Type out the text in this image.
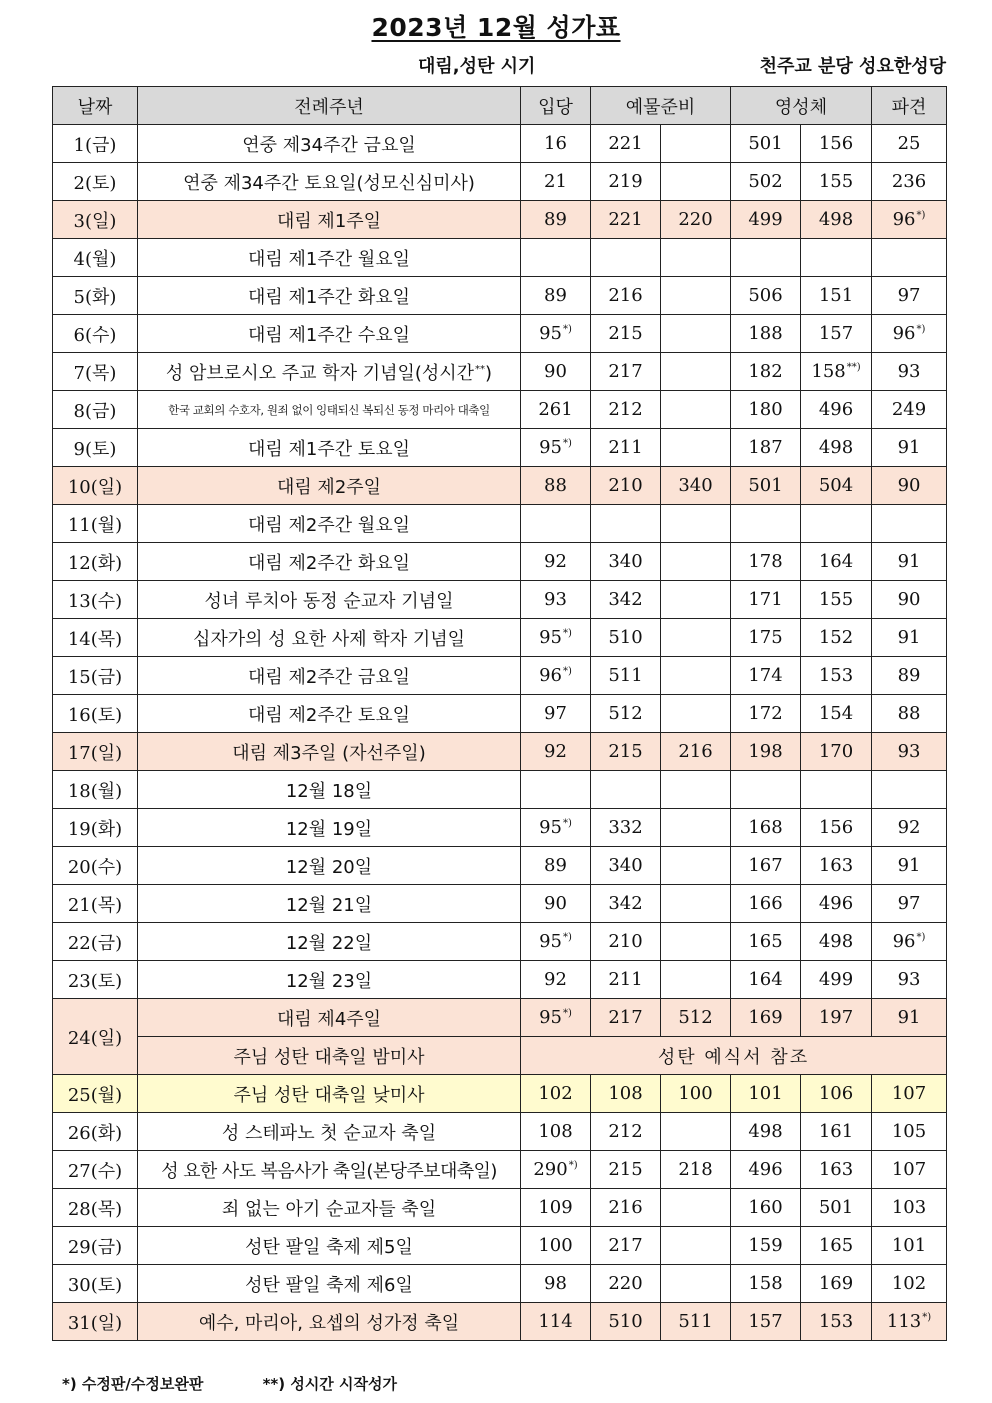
2023년 12월 성가표
대림,성탄 시기	천주교 분당 성요한성당
날짜	전례주년	입당	예물준비		영성체		파견
1(금)	연중 제34주간 금요일	16	221		501	156	25
2(토)	연중 제34주간 토요일(성모신심미사)	21	219		502	155	236
3(일)	대림 제1주일	89	221	220	499	498	96*)
4(월)	대림 제1주간 월요일						
5(화)	대림 제1주간 화요일	89	216		506	151	97
6(수)	대림 제1주간 수요일	95*)	215		188	157	96*)
7(목)	성 암브로시오 주교 학자 기념일(성시간**)	90	217		182	158**)	93
8(금)	한국 교회의 수호자, 원죄 없이 잉태되신 복되신 동정 마리아 대축일	261	212		180	496	249
9(토)	대림 제1주간 토요일	95*)	211		187	498	91
10(일)	대림 제2주일	88	210	340	501	504	90
11(월)	대림 제2주간 월요일						
12(화)	대림 제2주간 화요일	92	340		178	164	91
13(수)	성녀 루치아 동정 순교자 기념일	93	342		171	155	90
14(목)	십자가의 성 요한 사제 학자 기념일	95*)	510		175	152	91
15(금)	대림 제2주간 금요일	96*)	511		174	153	89
16(토)	대림 제2주간 토요일	97	512		172	154	88
17(일)	대림 제3주일 (자선주일)	92	215	216	198	170	93
18(월)	12월 18일						
19(화)	12월 19일	95*)	332		168	156	92
20(수)	12월 20일	89	340		167	163	91
21(목)	12월 21일	90	342		166	496	97
22(금)	12월 22일	95*)	210		165	498	96*)
23(토)	12월 23일	92	211		164	499	93
24(일)	대림 제4주일	95*)	217	512	169	197	91
	주님 성탄 대축일 밤미사	성탄 예식서 참조					
25(월)	주님 성탄 대축일 낮미사	102	108	100	101	106	107
26(화)	성 스테파노 첫 순교자 축일	108	212		498	161	105
27(수)	성 요한 사도 복음사가 축일(본당주보대축일)	290*)	215	218	496	163	107
28(목)	죄 없는 아기 순교자들 축일	109	216		160	501	103
29(금)	성탄 팔일 축제 제5일	100	217		159	165	101
30(토)	성탄 팔일 축제 제6일	98	220		158	169	102
31(일)	예수, 마리아, 요셉의 성가정 축일	114	510	511	157	153	113*)
*) 수정판/수정보완판	**) 성시간 시작성가
